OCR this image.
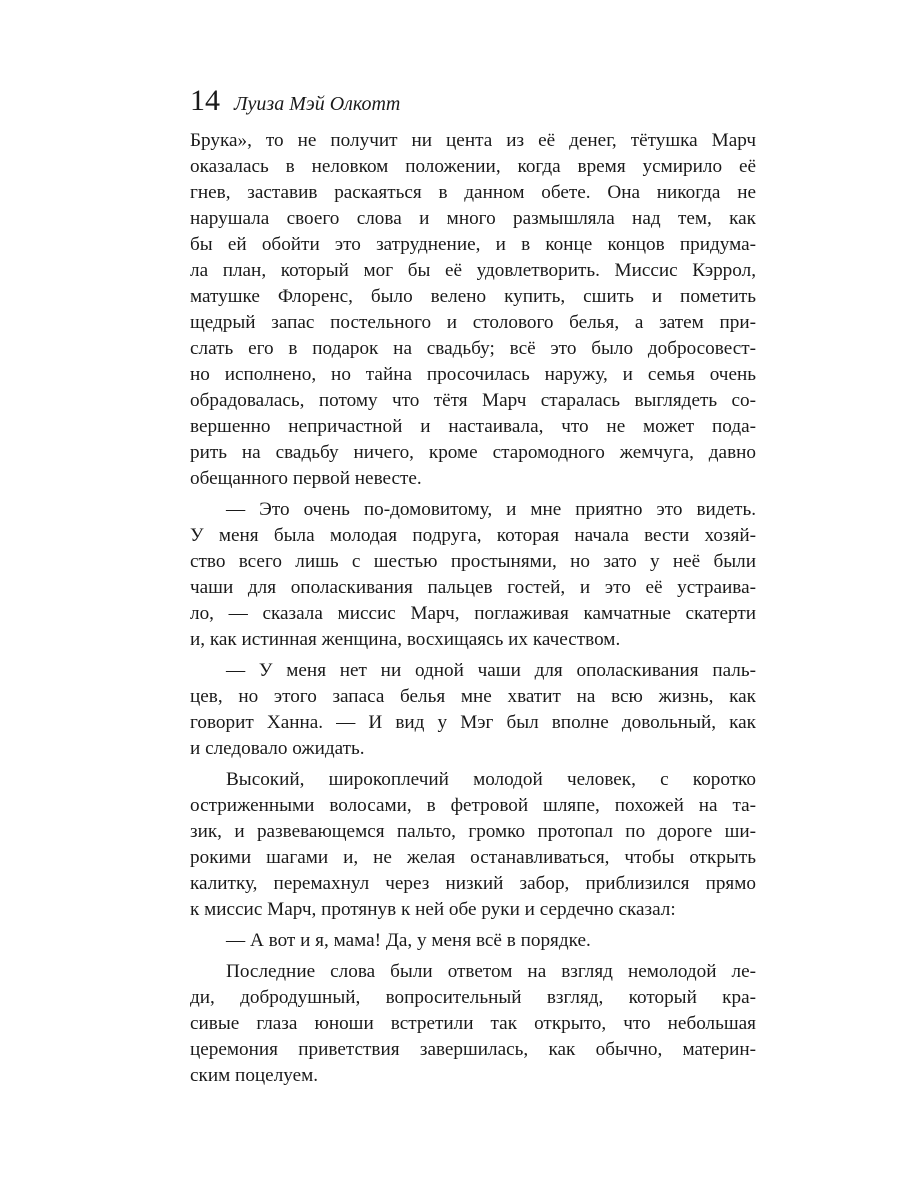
14 Луиза Мэй Олкотт
Брука», то не получит ни цента из её денег, тётушка Марч
оказалась в неловком положении, когда время усмирило её
гнев, заставив раскаяться в данном обете. Она никогда не
нарушала своего слова и много размышляла над тем, как
бы ей обойти это затруднение, и в конце концов придума-
ла план, который мог бы её удовлетворить. Миссис Кэррол,
матушке Флоренс, было велено купить, сшить и пометить
щедрый запас постельного и столового белья, а затем при-
слать его в подарок на свадьбу; всё это было добросовест-
но исполнено, но тайна просочилась наружу, и семья очень
обрадовалась, потому что тётя Марч старалась выглядеть со-
вершенно непричастной и настаивала, что не может пода-
рить на свадьбу ничего, кроме старомодного жемчуга, давно
обещанного первой невесте.
— Это очень по-домовитому, и мне приятно это видеть.
У меня была молодая подруга, которая начала вести хозяй-
ство всего лишь с шестью простынями, но зато у неё были
чаши для ополаскивания пальцев гостей, и это её устраива-
ло, — сказала миссис Марч, поглаживая камчатные скатерти
и, как истинная женщина, восхищаясь их качеством.
— У меня нет ни одной чаши для ополаскивания паль-
цев, но этого запаса белья мне хватит на всю жизнь, как
говорит Ханна. — И вид у Мэг был вполне довольный, как
и следовало ожидать.
Высокий, широкоплечий молодой человек, с коротко
остриженными волосами, в фетровой шляпе, похожей на та-
зик, и развевающемся пальто, громко протопал по дороге ши-
рокими шагами и, не желая останавливаться, чтобы открыть
калитку, перемахнул через низкий забор, приблизился прямо
к миссис Марч, протянув к ней обе руки и сердечно сказал:
— А вот и я, мама! Да, у меня всё в порядке.
Последние слова были ответом на взгляд немолодой ле-
ди, добродушный, вопросительный взгляд, который кра-
сивые глаза юноши встретили так открыто, что небольшая
церемония приветствия завершилась, как обычно, материн-
ским поцелуем.
